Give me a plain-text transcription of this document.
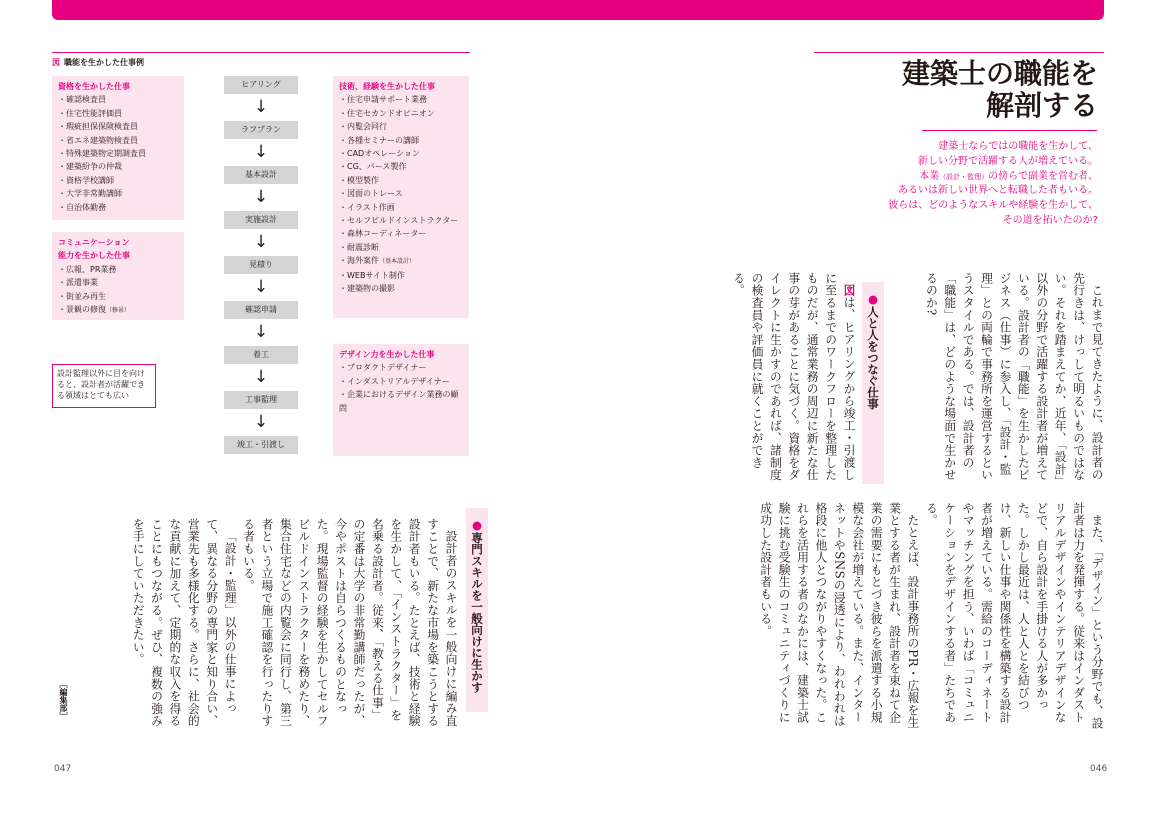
図 職能を生かした仕事例
資格を生かした仕事
・ 確認検査員
・ 住宅性能評価員
・ 瑕疵担保保険検査員
・ 省エネ建築物検査員
・ 特殊建築物定期調査員
・ 建築紛争の仲裁
・ 資格学校講師
・ 大学非常勤講師
・ 自治体勤務
コミュニケーション
能力を生かした仕事
・ 広報、PR業務
・ 派遣事業
・ 街並み再生
・ 景観の修復（修景）
設計監理以外に目を向けると、設計者が活躍できる領域はとても広い
ヒアリング
↓
ラフプラン
↓
基本設計
↓
実施設計
↓
見積り
↓
確認申請
↓
着工
↓
工事監理
↓
竣工・引渡し
技術、経験を生かした仕事
・ 住宅申請サポート業務
・ 住宅セカンドオピニオン
・ 内覧会同行
・ 各種セミナーの講師
・ CADオペレーション
・ CG、パース製作
・ 模型製作
・ 図面のトレース
・ イラスト作画
・ セルフビルドインストラクター
・ 森林コーディネーター
・ 耐震診断
・ 海外案件（基本設計）
・ WEBサイト制作
・ 建築物の撮影
デザイン力を生かした仕事
・ プロダクトデザイナー
・ インダストリアルデザイナー
・ 企業におけるデザイン業務の顧問
●専門スキルを一般向けに生かす

設計者のスキルを一般向けに編み直すことで、新たな市場を築こうとする設計者もいる。たとえば、技術と経験を生かして、「インストラクター」を名乗る設計者。従来、「教える仕事」の定番は大学の非常勤講師だったが、今やポストは自らつくるものとなった。現場監督の経験を生かしてセルフビルドインストラクターを務めたり、集合住宅などの内覧会に同行し、第三者という立場で施工確認を行ったりする者もいる。

「設計・監理」以外の仕事によって、異なる分野の専門家と知り合い、営業先も多様化する。さらに、社会的な貢献に加えて、定期的な収入を得ることにもつながる。ぜひ、複数の強みを手にしていただきたい。

［編集部］
047
建築士の職能を
解剖する
建築士ならではの職能を生かして、
新しい分野で活躍する人が増えている。
本業（設計・監理）の傍らで副業を営む者、
あるいは新しい世界へと転職した者もいる。
彼らは、どのようなスキルや経験を生かして、
その道を拓いたのか?

これまで見てきたように、設計者の先行きは、けっして明るいものではない。それを踏まえてか、近年、「設計」以外の分野で活躍する設計者が増えている。設計者の「職能」を生かしたビジネス（仕事）に参入し、「設計・監理」との両輪で事務所を運営するというスタイルである。では、設計者の「職能」は、どのような場面で生かせるのか?

●人と人をつなぐ仕事

図は、ヒアリングから竣工・引渡しに至るまでのワークフローを整理したものだが、通常業務の周辺に新たな仕事の芽があることに気づく。資格をダイレクトに生かすのであれば、諸制度の検査員や評価員に就くことができる。

また、「デザイン」という分野でも、設計者は力を発揮する。従来はインダストリアルデザインやインテリアデザインなどで、自ら設計を手掛ける人が多かった。しかし最近は、人と人とを結びつけ、新しい仕事や関係性を構築する設計者が増えている。需給のコーディネートやマッチングを担う、いわば「コミュニケーションをデザインする者」たちである。

たとえば、設計事務所のPR・広報を生業とする者が生まれ、設計者を束ねて企業の需要にもとづき彼らを派遣する小規模な会社が増えている。また、インターネットやSNSの浸透により、われわれは格段に他人とつながりやすくなった。これらを活用する者のなかには、建築士試験に挑む受験生のコミュニティづくりに成功した設計者もいる。

046
